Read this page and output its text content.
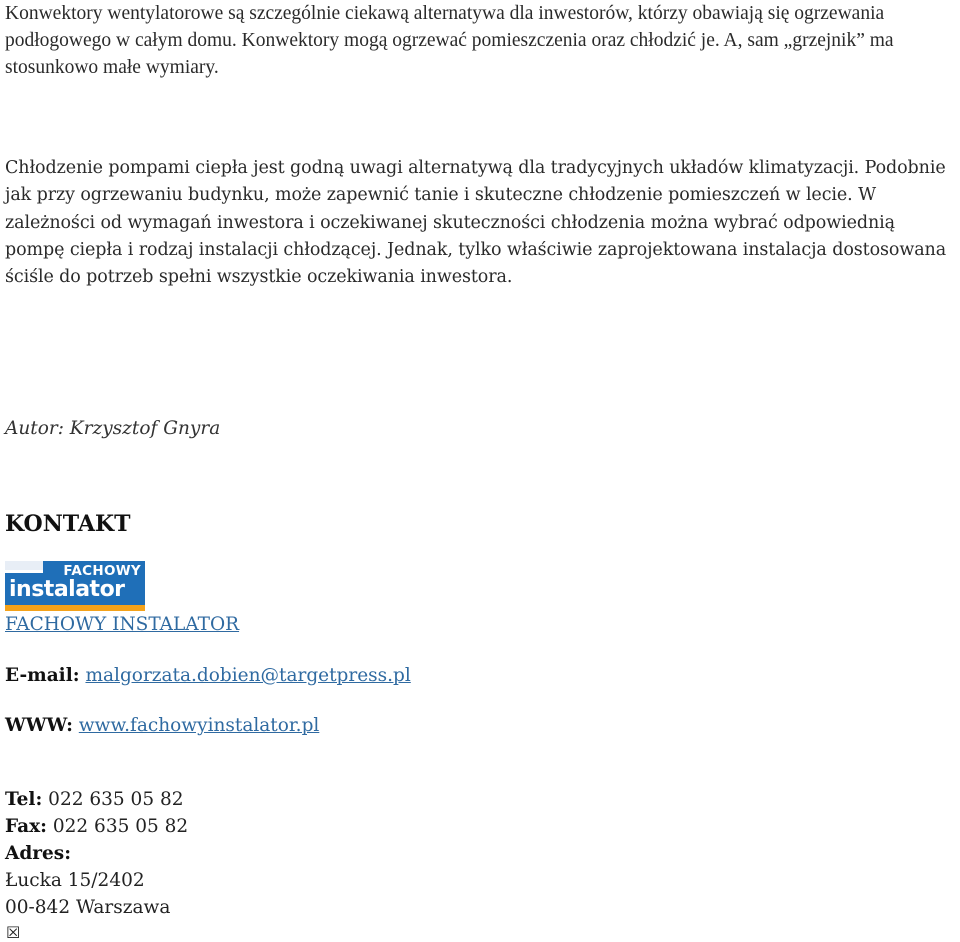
Konwektory wentylatorowe są szczególnie ciekawą alternatywa dla inwestorów, którzy obawiają się ogrzewania podłogowego w całym domu. Konwektory mogą ogrzewać pomieszczenia oraz chłodzić je. A, sam „grzejnik” ma stosunkowo małe wymiary.

Chłodzenie pompami ciepła jest godną uwagi alternatywą dla tradycyjnych układów klimatyzacji. Podobnie jak przy ogrzewaniu budynku, może zapewnić tanie i skuteczne chłodzenie pomieszczeń w lecie. W zależności od wymagań inwestora i oczekiwanej skuteczności chłodzenia można wybrać odpowiednią pompę ciepła i rodzaj instalacji chłodzącej. Jednak, tylko właściwie zaprojektowana instalacja dostosowana ściśle do potrzeb spełni wszystkie oczekiwania inwestora.

Autor: Krzysztof Gnyra

KONTAKT
FACHOWY
instalator
FACHOWY INSTALATOR
E-mail: malgorzata.dobien@targetpress.pl
WWW: www.fachowyinstalator.pl
Tel: 022 635 05 82
Fax: 022 635 05 82
Adres:
Łucka 15/2402
00-842 Warszawa
☒
